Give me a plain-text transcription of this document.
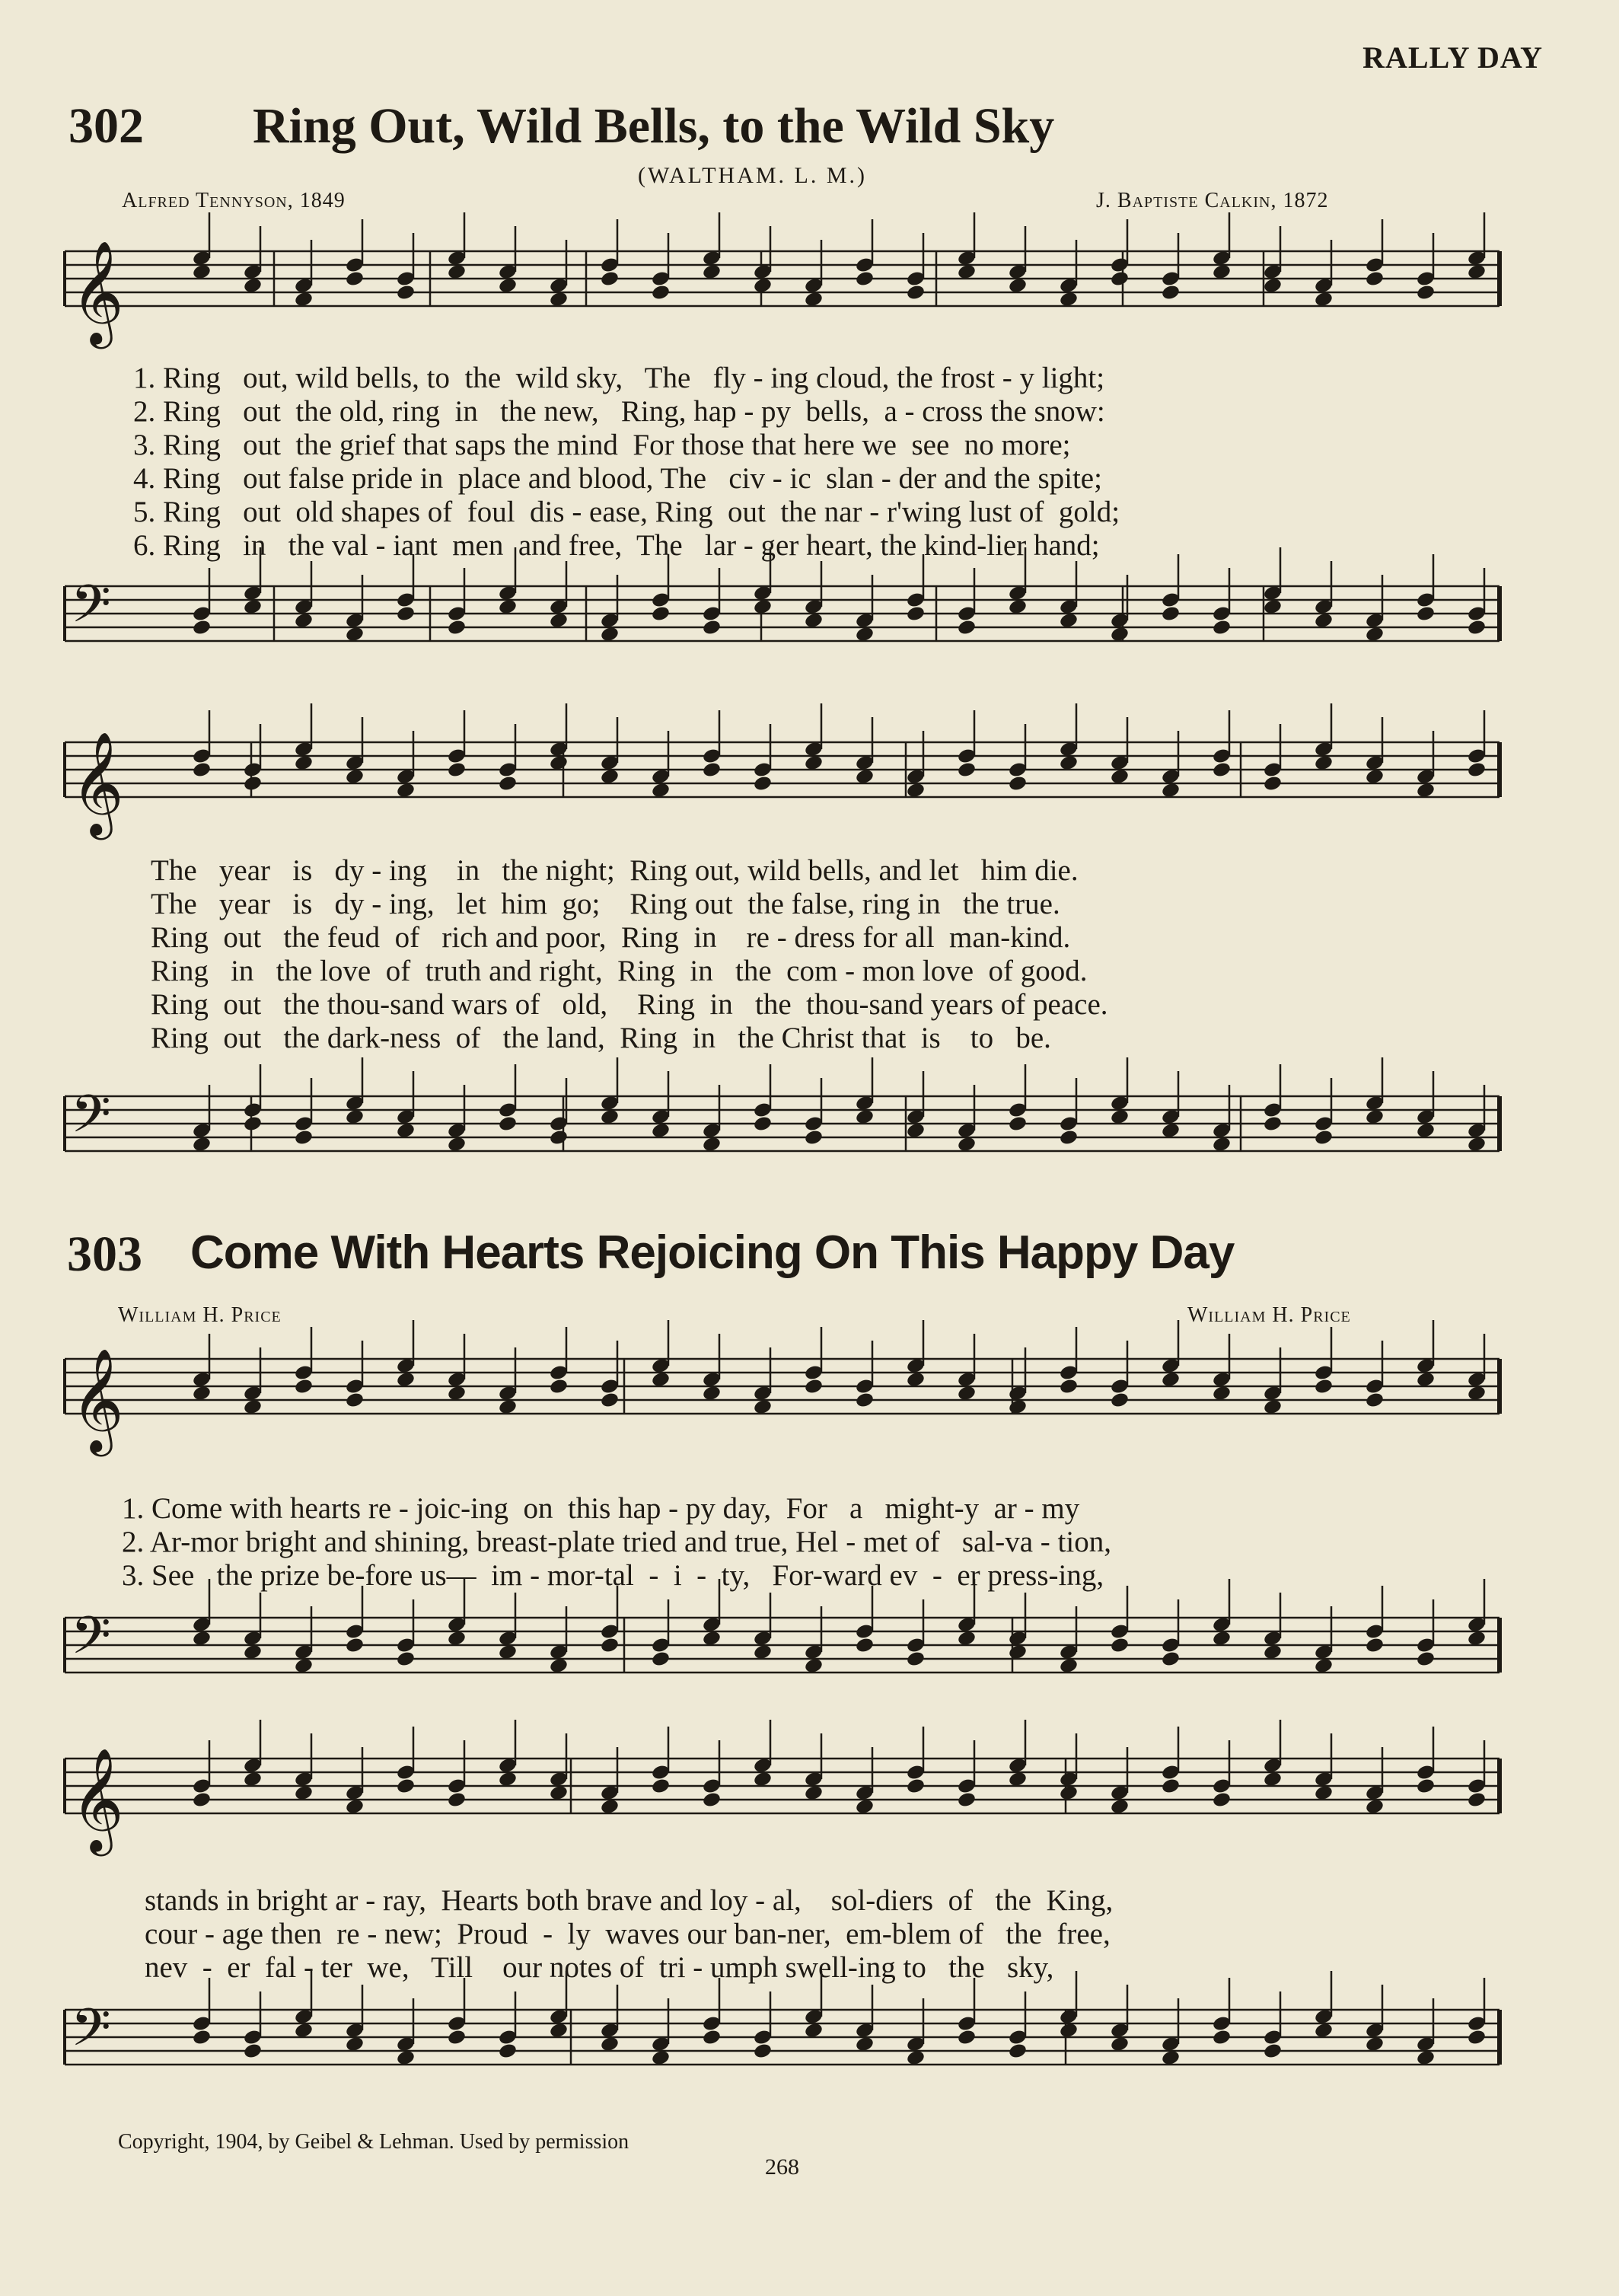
RALLY DAY
302 Ring Out, Wild Bells, to the Wild Sky
(WALTHAM. L. M.)
Alfred Tennyson, 1849	J. Baptiste Calkin, 1872
𝄞
𝄢
𝄞
𝄢
𝄞
𝄢
𝄞
𝄢
1. Ring   out, wild bells, to  the  wild sky,   The   fly - ing cloud, the frost - y light;
2. Ring   out  the old, ring  in   the new,   Ring, hap - py  bells,  a - cross the snow:
3. Ring   out  the grief that saps the mind  For those that here we  see  no more;
4. Ring   out false pride in  place and blood, The   civ - ic  slan - der and the spite;
5. Ring   out  old shapes of  foul  dis - ease, Ring  out  the nar - r'wing lust of  gold;
6. Ring   in   the val - iant  men  and free,  The   lar - ger heart, the kind-lier hand;
The   year   is   dy - ing    in   the night;  Ring out, wild bells, and let   him die.
The   year   is   dy - ing,   let  him  go;    Ring out  the false, ring in   the true.
Ring  out   the feud  of   rich and poor,  Ring  in    re - dress for all  man-kind.
Ring   in   the love  of  truth and right,  Ring  in   the  com - mon love  of good.
Ring  out   the thou-sand wars of   old,    Ring  in   the  thou-sand years of peace.
Ring  out   the dark-ness  of   the land,  Ring  in   the Christ that  is    to   be.
303 Come With Hearts Rejoicing On This Happy Day
William H. Price	William H. Price
1. Come with hearts re - joic-ing  on  this hap - py day,  For   a   might-y  ar - my
2. Ar-mor bright and shining, breast-plate tried and true, Hel - met of   sal-va - tion,
3. See   the prize be-fore us—  im - mor-tal  -  i  -  ty,   For-ward ev  -  er press-ing,
stands in bright ar - ray,  Hearts both brave and loy - al,    sol-diers  of   the  King,
cour - age then  re - new;  Proud  -  ly  waves our ban-ner,  em-blem of   the  free,
nev  -  er  fal - ter  we,   Till    our notes of  tri - umph swell-ing to   the   sky,
Copyright, 1904, by Geibel & Lehman. Used by permission
268
